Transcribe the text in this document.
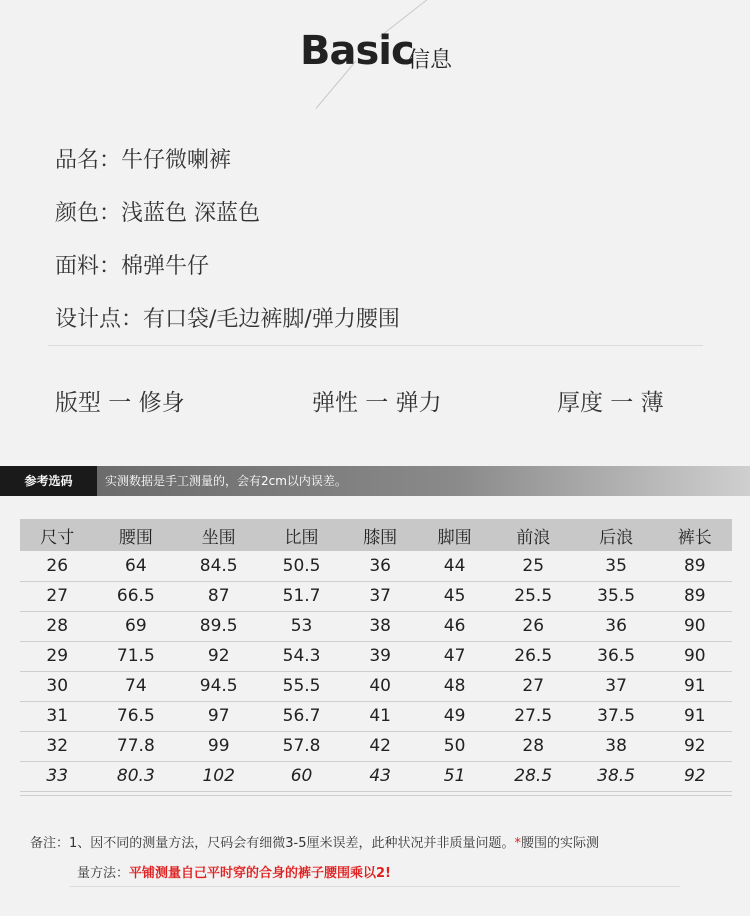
Basic
信息
品名：牛仔微喇裤
颜色：浅蓝色 深蓝色
面料：棉弹牛仔
设计点：有口袋/毛边裤脚/弹力腰围
版型 一 修身	弹性 一 弹力	厚度 一 薄
参考选码	实测数据是手工测量的，会有2cm以内误差。
尺寸	腰围	坐围	比围	膝围	脚围	前浪	后浪	裤长
26	64	84.5	50.5	36	44	25	35	89
27	66.5	87	51.7	37	45	25.5	35.5	89
28	69	89.5	53	38	46	26	36	90
29	71.5	92	54.3	39	47	26.5	36.5	90
30	74	94.5	55.5	40	48	27	37	91
31	76.5	97	56.7	41	49	27.5	37.5	91
32	77.8	99	57.8	42	50	28	38	92
33	80.3	102	60	43	51	28.5	38.5	92
备注：1、因不同的测量方法，尺码会有细微3-5厘米误差，此种状况并非质量问题。*腰围的实际测
量方法：平铺测量自己平时穿的合身的裤子腰围乘以2!
